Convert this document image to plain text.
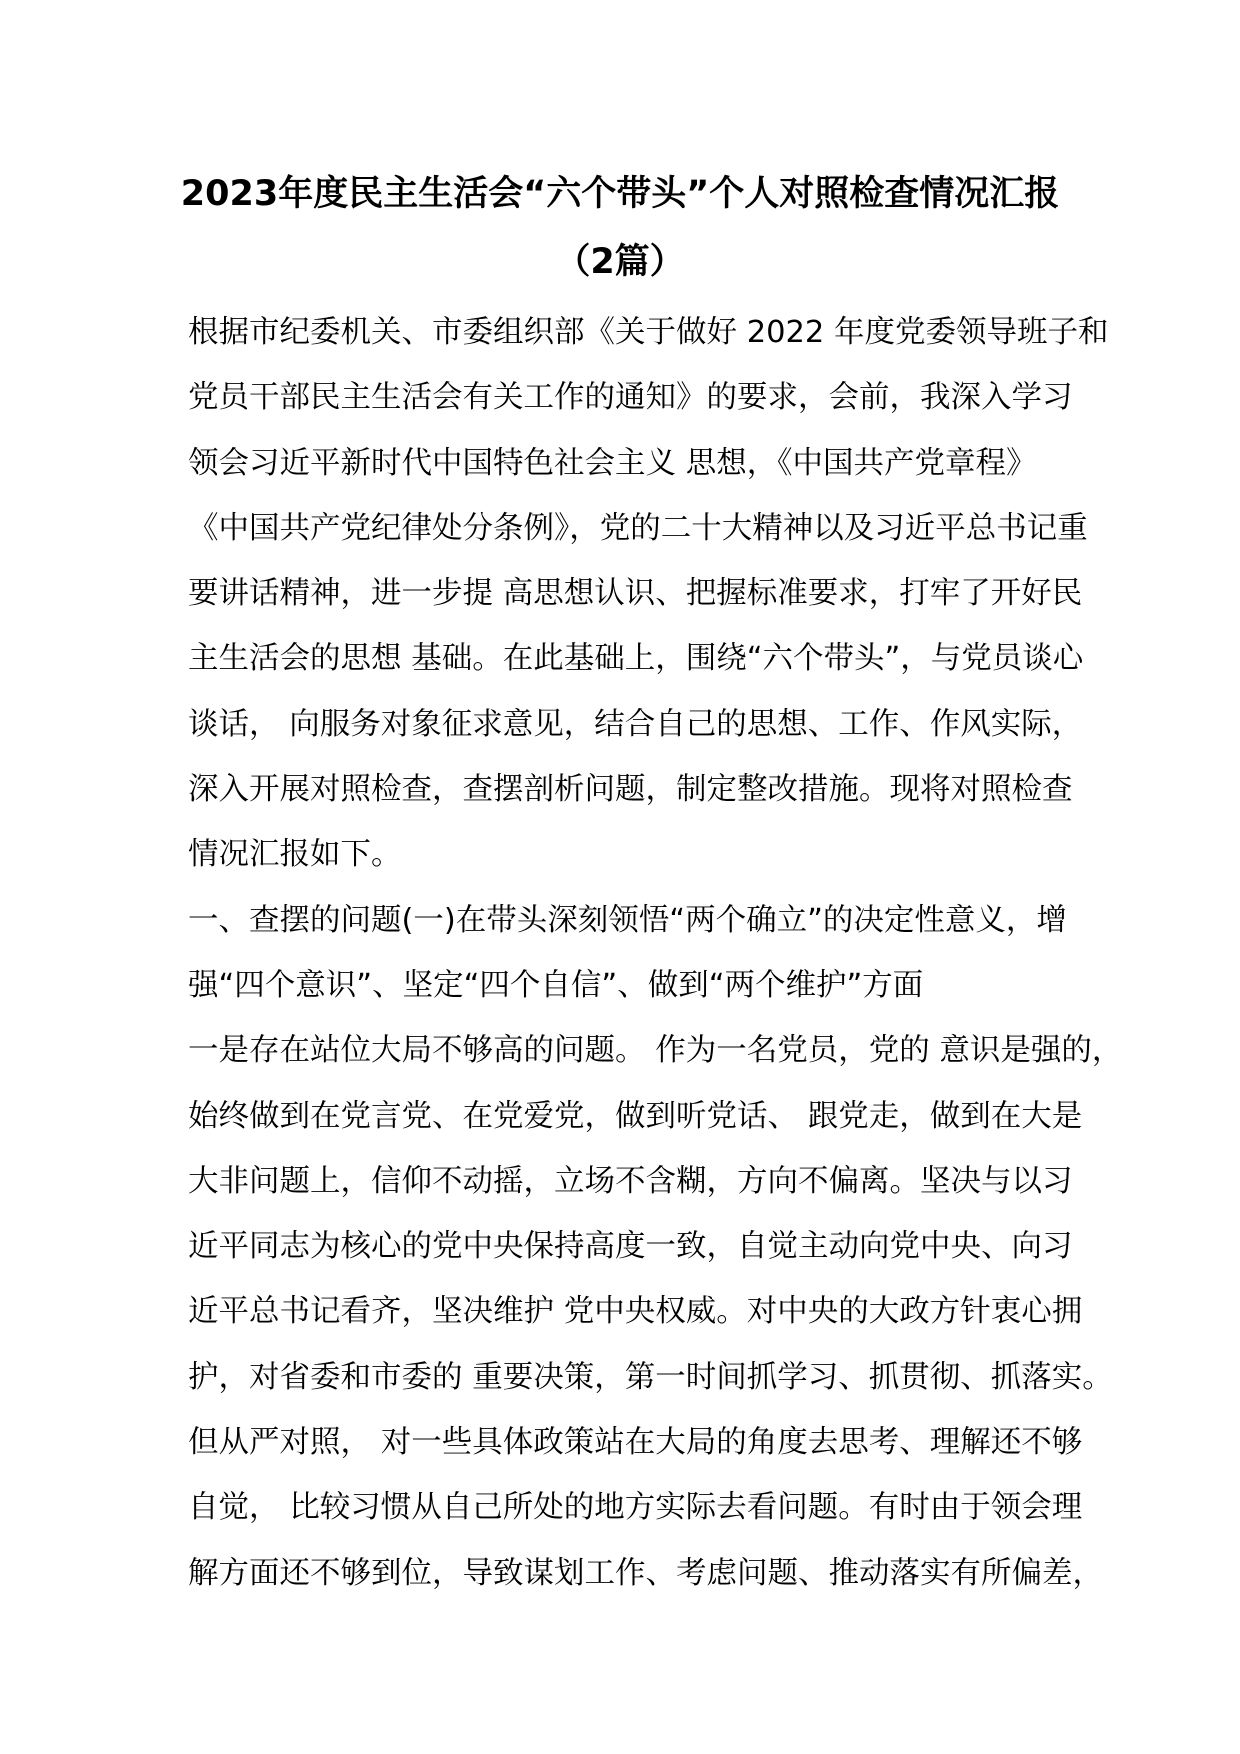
2023年度民主生活会“六个带头”个人对照检查情况汇报
（2篇）
根据市纪委机关、市委组织部《关于做好 2022 年度党委领导班子和
党员干部民主生活会有关工作的通知》的要求，会前，我深入学习
领会习近平新时代中国特色社会主义 思想，《中国共产党章程》
《中国共产党纪律处分条例》，党的二十大精神以及习近平总书记重
要讲话精神，进一步提 高思想认识、把握标准要求，打牢了开好民
主生活会的思想 基础。在此基础上，围绕“六个带头”，与党员谈心
谈话， 向服务对象征求意见，结合自己的思想、工作、作风实际，
深入开展对照检查，查摆剖析问题，制定整改措施。现将对照检查
情况汇报如下。
一、查摆的问题(一)在带头深刻领悟“两个确立”的决定性意义，增
强“四个意识”、坚定“四个自信”、做到“两个维护”方面
一是存在站位大局不够高的问题。 作为一名党员，党的 意识是强的，
始终做到在党言党、在党爱党，做到听党话、 跟党走，做到在大是
大非问题上，信仰不动摇，立场不含糊，方向不偏离。坚决与以习
近平同志为核心的党中央保持高度一致，自觉主动向党中央、向习
近平总书记看齐，坚决维护 党中央权威。对中央的大政方针衷心拥
护，对省委和市委的 重要决策，第一时间抓学习、抓贯彻、抓落实。
但从严对照， 对一些具体政策站在大局的角度去思考、理解还不够
自觉， 比较习惯从自己所处的地方实际去看问题。有时由于领会理
解方面还不够到位，导致谋划工作、考虑问题、推动落实有所偏差，
